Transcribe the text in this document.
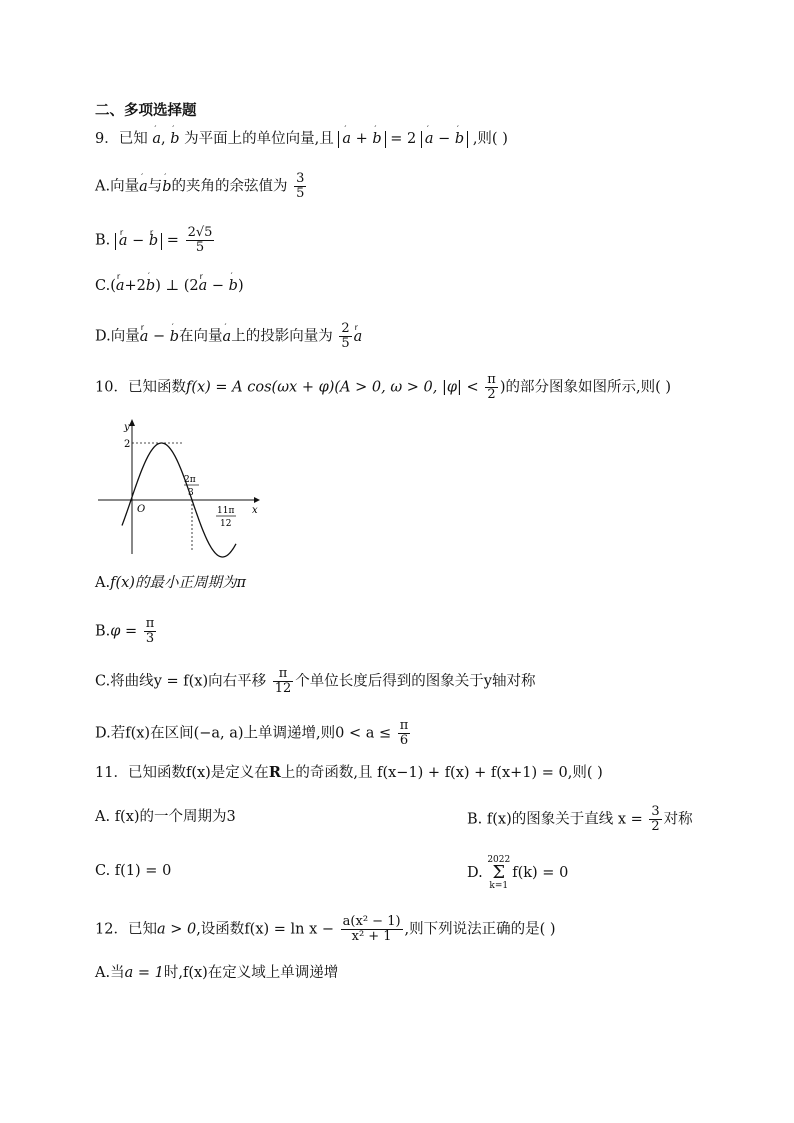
二、多项选择题
9．已知 ′ a, ′ b 为平面上的单位向量,且 ′ a + ′ b = 2 ′ a − ′ b ,则( )
A.向量′ a与′ b的夹角的余弦值为 $\frac{3}{5}$
B. r a − r $b = \frac{2√5}{5}$
C.(r a+2′ b) ⊥ (2r a − ′ b)
D.向量r a − ′ b在向量′ a上的投影向量为 $\frac{2}{5}$ r a
10．已知函数f(x) = A cos(ωx + φ)(A > 0, ω > 0, $|\varphi| < \frac{\pi}{2}$ )的部分图象如图所示,则( )
y
x
O
2
2π
3
11π
12
A.f(x)的最小正周期为π
$B.\varphi = \frac{\pi}{3}$
C.将曲线y = f(x)向右平移 $\frac{\pi}{12}$ 个单位长度后得到的图象关于y轴对称
D.若f(x)在区间(−a, a)上单调递增,则$0 < a \le \frac{\pi}{6}$
11．已知函数f(x)是定义在R上的奇函数,且 f(x−1) + f(x) + f(x+1) = 0,则( )
A. f(x)的一个周期为3	B. f(x)的图象关于直线 $x = \frac{3}{2}$ 对称
C. f(1) = 0	D. 2022
Σ
k=1f(k) = 0
12．已知a > 0,设函数$f(x) = \ln x - \frac{\text{a(x² − 1)}}{\text{x² + 1}}$ ,则下列说法正确的是( )
A.当a = 1时,f(x)在定义域上单调递增
